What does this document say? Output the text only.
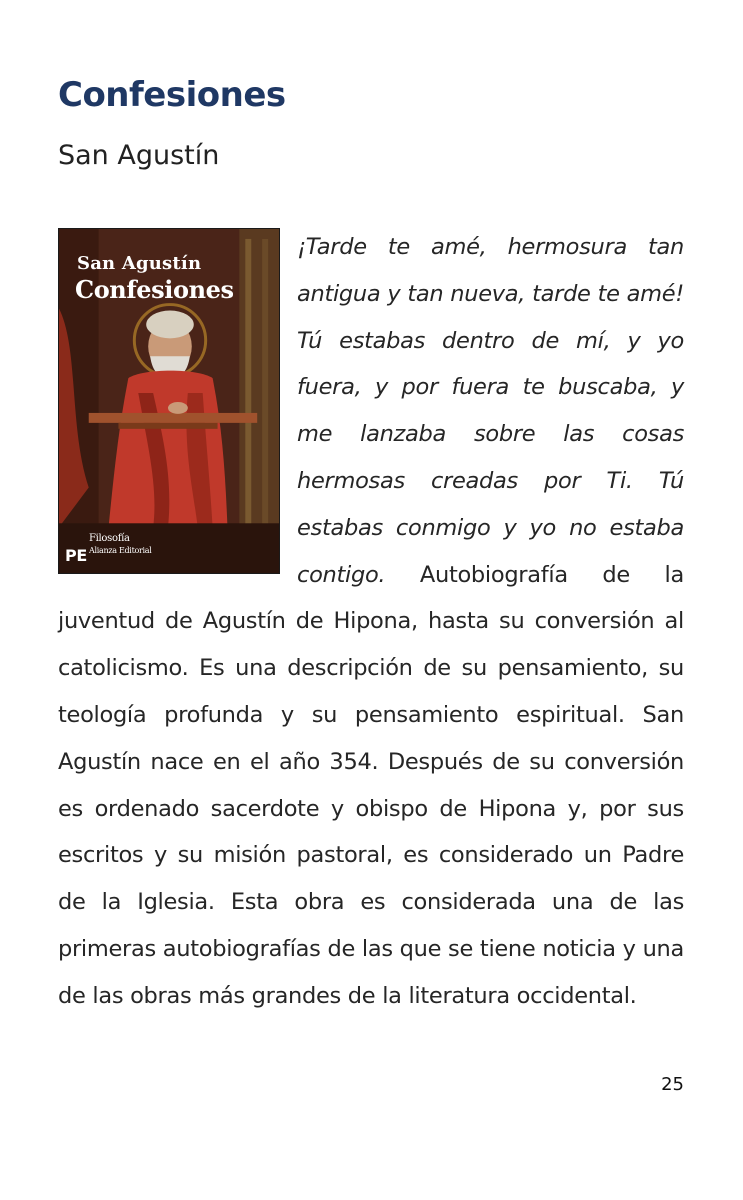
Confesiones
San Agustín
San Agustín
Confesiones
PE
Filosofía
Alianza Editorial
¡Tarde te amé, hermosura tan antigua y tan nueva, tarde te amé! Tú estabas dentro de mí, y yo fuera, y por fuera te buscaba, y me lanzaba sobre las cosas hermosas creadas por Ti. Tú estabas conmigo y yo no estaba contigo. Autobiografía de la juventud de Agustín de Hipona, hasta su conversión al catolicismo. Es una descripción de su pensamiento, su teología profunda y su pensamiento espiritual. San Agustín nace en el año 354. Después de su conversión es ordenado sacerdote y obispo de Hipona y, por sus escritos y su misión pastoral, es considerado un Padre de la Iglesia. Esta obra es considerada una de las primeras autobiografías de las que se tiene noticia y una de las obras más grandes de la literatura occidental.
25
